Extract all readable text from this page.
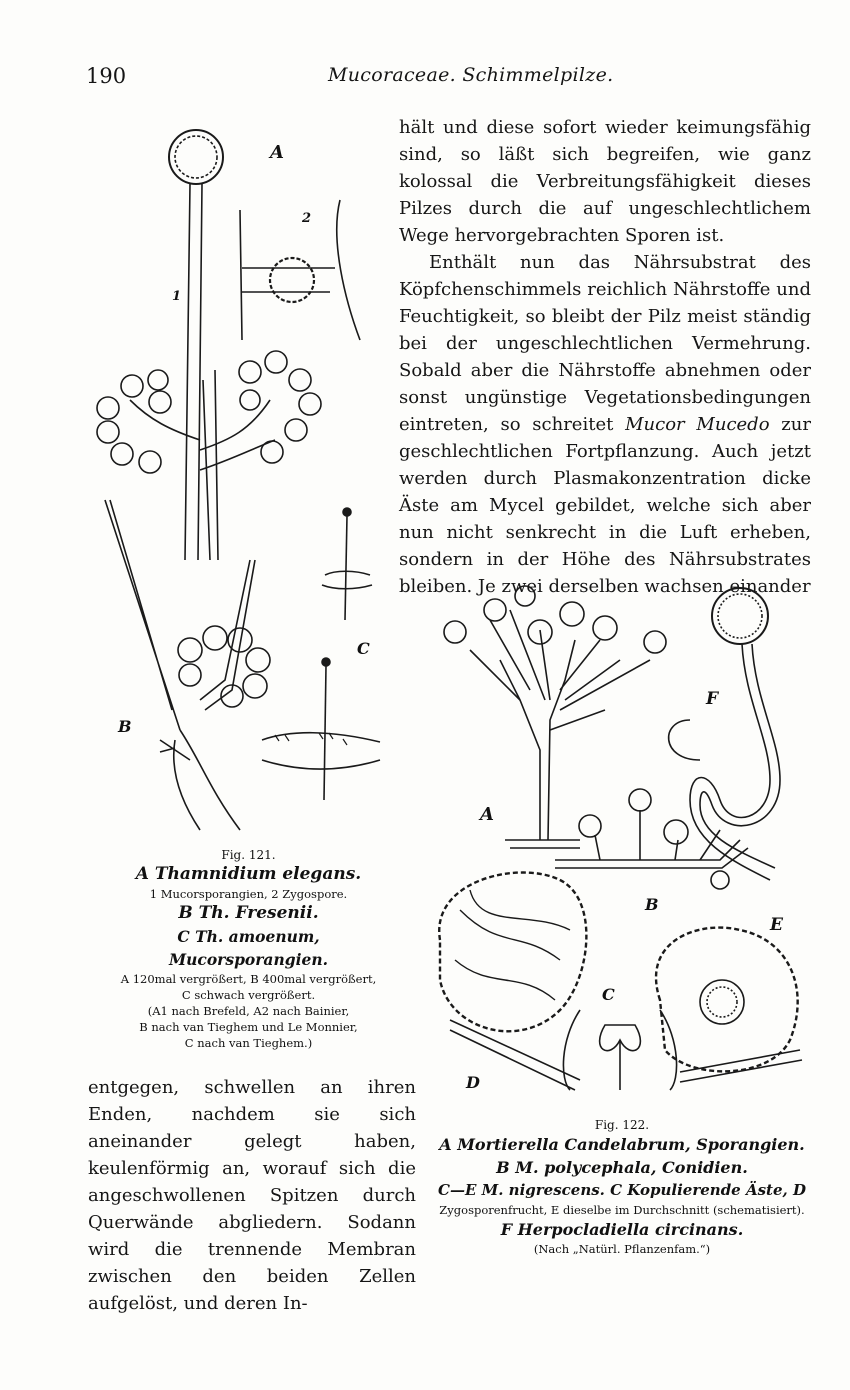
190	Mucoraceae. Schimmelpilze.

hält und diese sofort wieder keimungsfähig sind, so läßt sich begreifen, wie ganz kolossal die Verbreitungsfähigkeit dieses Pilzes durch die auf ungeschlechtlichem Wege hervorgebrachten Sporen ist.

Enthält nun das Nährsubstrat des Köpfchenschimmels reichlich Nährstoffe und Feuchtigkeit, so bleibt der Pilz meist ständig bei der ungeschlechtlichen Vermehrung. Sobald aber die Nährstoffe abnehmen oder sonst ungünstige Vegetationsbedingungen eintreten, so schreitet Mucor Mucedo zur geschlechtlichen Fortpflanzung. Auch jetzt werden durch Plasmakonzentration dicke Äste am Mycel gebildet, welche sich aber nun nicht senkrecht in die Luft erheben, sondern in der Höhe des Nährsubstrates bleiben. Je zwei derselben wachsen einander

entgegen, schwellen an ihren Enden, nachdem sie sich aneinander gelegt haben, keulenförmig an, worauf sich die angeschwollenen Spitzen durch Querwände abgliedern. Sodann wird die trennende Membran zwischen den beiden Zellen aufgelöst, und deren In-

A
2
1
B
C
A
F
B
C
D
E
Fig. 121.
A Thamnidium elegans.
1 Mucorsporangien, 2 Zygospore.
B Th. Fresenii.
C Th. amoenum, Mucorsporangien.
A 120mal vergrößert, B 400mal vergrößert,
C schwach vergrößert.
(A1 nach Brefeld, A2 nach Bainier,
B nach van Tieghem und Le Monnier,
C nach van Tieghem.)
Fig. 122.
A Mortierella Candelabrum, Sporangien.
B M. polycephala, Conidien.
C—E M. nigrescens. C Kopulierende Äste, D
Zygosporenfrucht, E dieselbe im Durchschnitt (schematisiert).
F Herpocladiella circinans.
(Nach „Natürl. Pflanzenfam.“)
